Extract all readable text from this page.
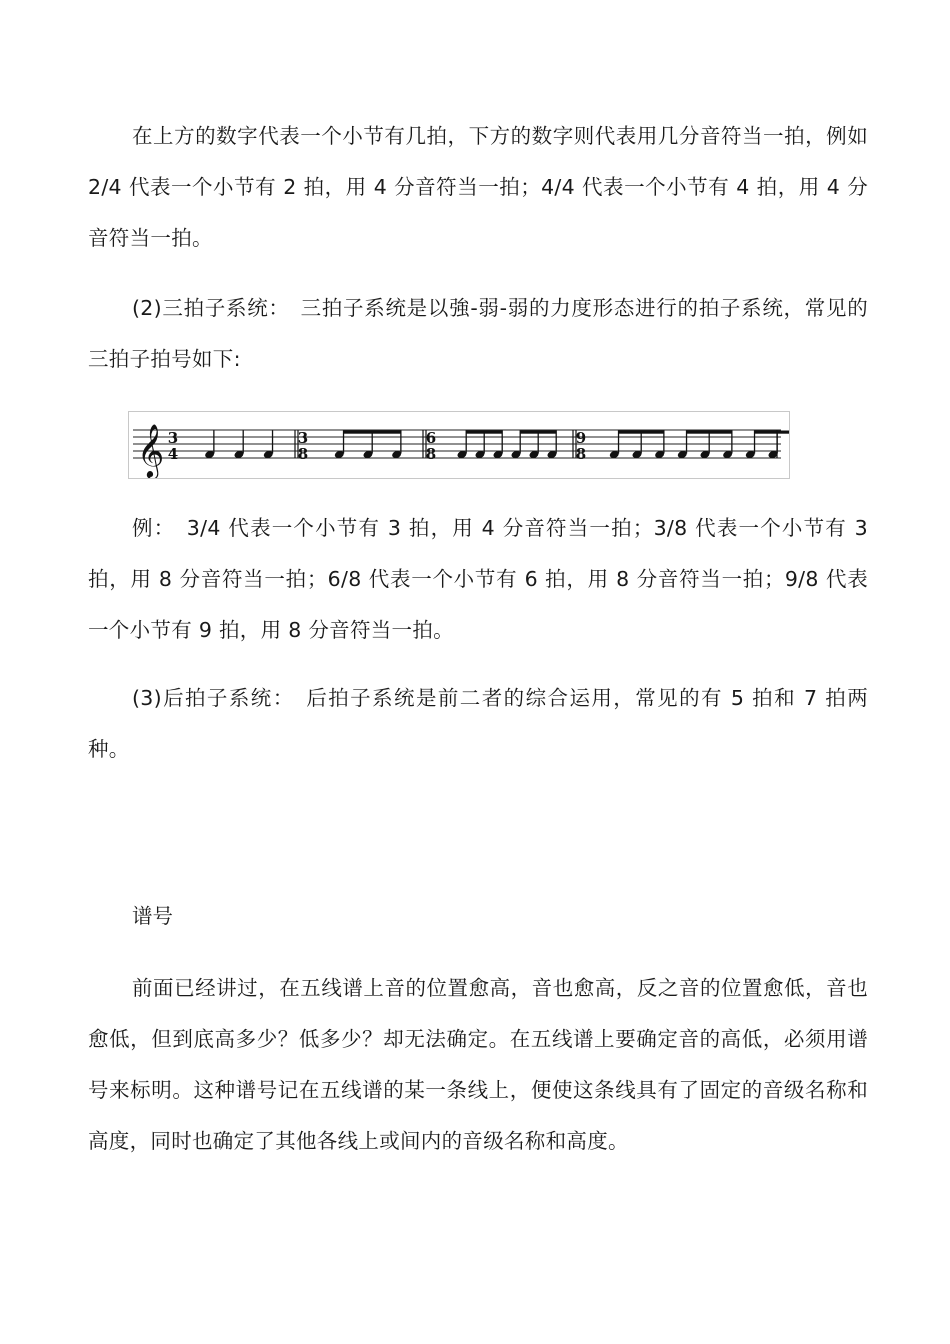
在上方的数字代表一个小节有几拍，下方的数字则代表用几分音符当一拍，例如 2/4 代表一个小节有 2 拍，用 4 分音符当一拍；4/4 代表一个小节有 4 拍，用 4 分音符当一拍。

(2)三拍子系统：　三拍子系统是以強-弱-弱的力度形态进行的拍子系统，常见的三拍子拍号如下:

𝄞 3
4
3
8
6
8
9
8

例：　3/4 代表一个小节有 3 拍，用 4 分音符当一拍；3/8 代表一个小节有 3 拍，用 8 分音符当一拍；6/8 代表一个小节有 6 拍，用 8 分音符当一拍；9/8 代表一个小节有 9 拍，用 8 分音符当一拍。

(3)后拍子系统：　后拍子系统是前二者的综合运用，常见的有 5 拍和 7 拍两种。

谱号

前面已经讲过，在五线谱上音的位置愈高，音也愈高，反之音的位置愈低，音也愈低，但到底高多少？低多少？却无法确定。在五线谱上要确定音的高低，必须用谱号来标明。这种谱号记在五线谱的某一条线上，便使这条线具有了固定的音级名称和高度，同时也确定了其他各线上或间内的音级名称和高度。
